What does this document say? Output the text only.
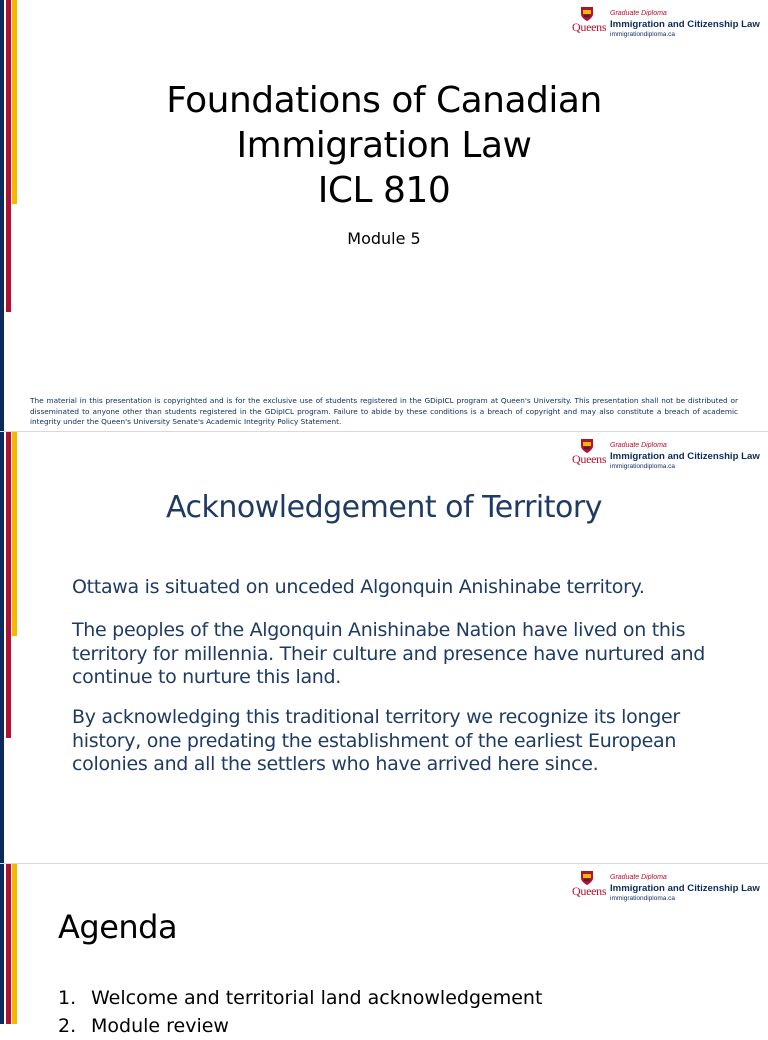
Queens
Graduate Diploma
Immigration and Citizenship Law
immigrationdiploma.ca
Foundations of Canadian
Immigration Law
ICL 810
Module 5
The material in this presentation is copyrighted and is for the exclusive use of students registered in the GDipICL program at Queen's University. This presentation shall not be distributed or disseminated to anyone other than students registered in the GDipICL program. Failure to abide by these conditions is a breach of copyright and may also constitute a breach of academic integrity under the Queen's University Senate's Academic Integrity Policy Statement.
Queens
Graduate Diploma
Immigration and Citizenship Law
immigrationdiploma.ca
Acknowledgement of Territory

Ottawa is situated on unceded Algonquin Anishinabe territory.

The peoples of the Algonquin Anishinabe Nation have lived on this territory for millennia. Their culture and presence have nurtured and continue to nurture this land.

By acknowledging this traditional territory we recognize its longer history, one predating the establishment of the earliest European colonies and all the settlers who have arrived here since.

Queens
Graduate Diploma
Immigration and Citizenship Law
immigrationdiploma.ca
Agenda
1. Welcome and territorial land acknowledgement
2. Module review
